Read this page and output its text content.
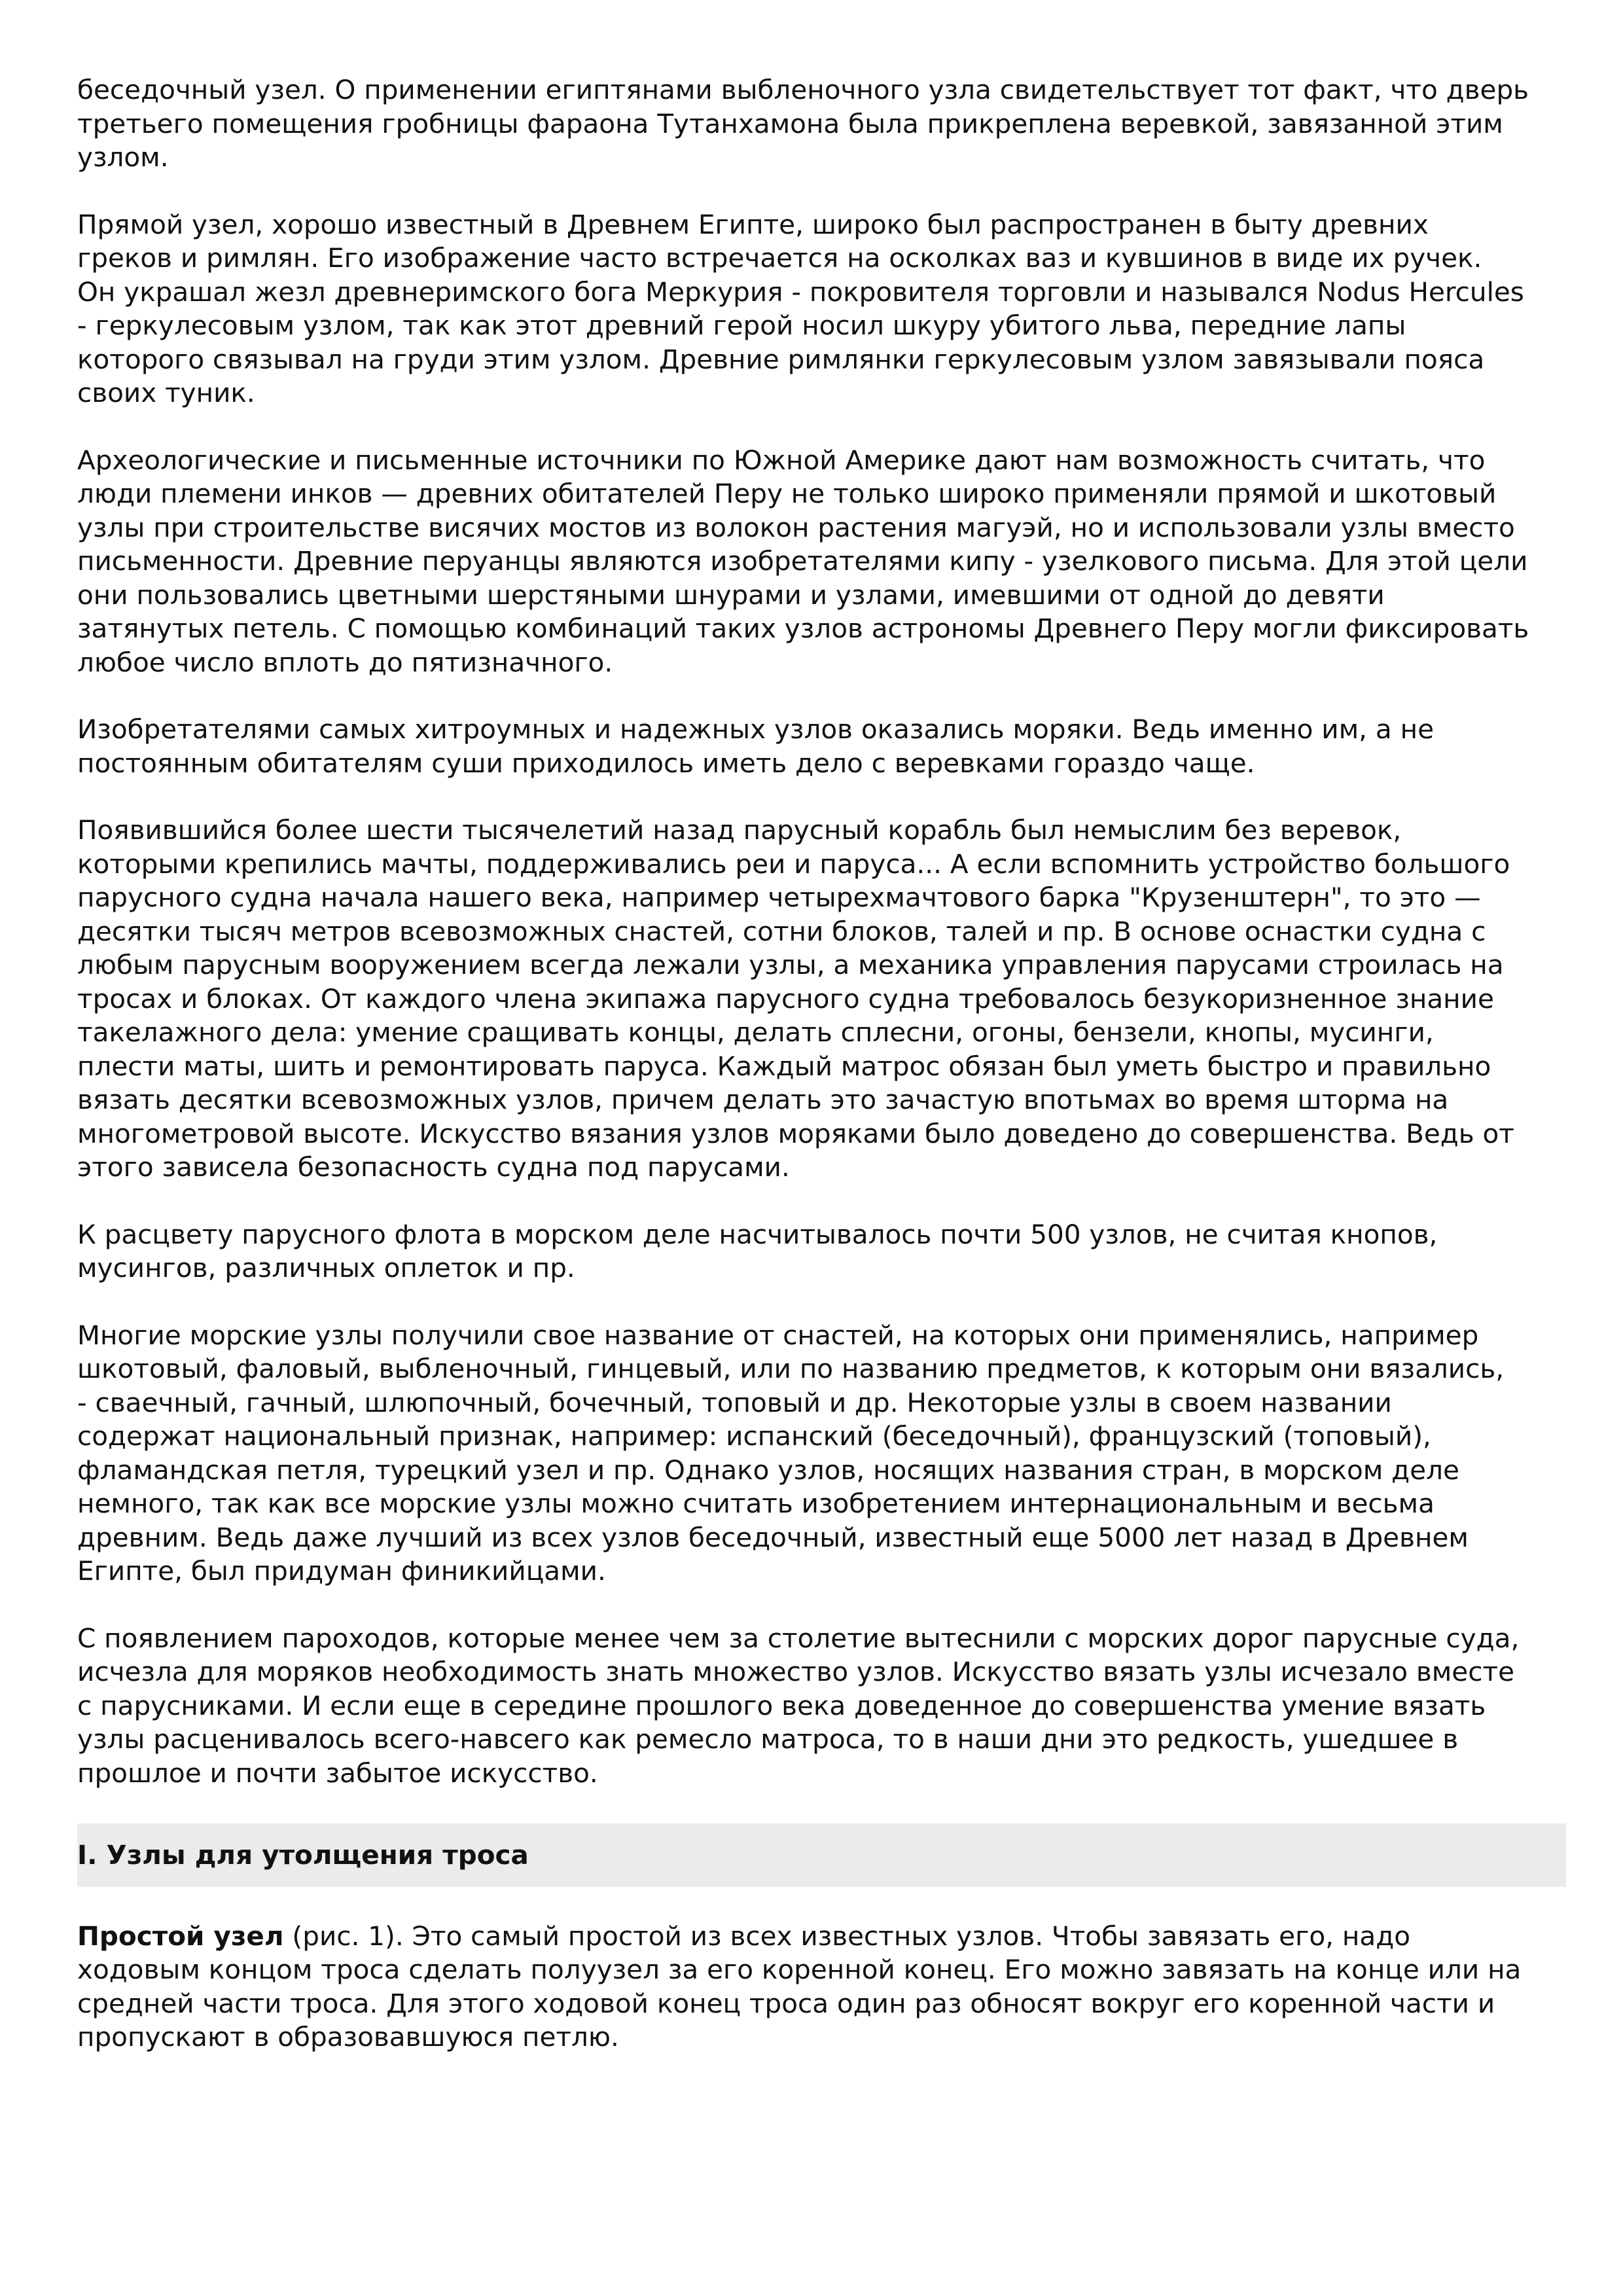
беседочный узел. О применении египтянами выбленочного узла свидетельствует тот факт, что дверь
третьего помещения гробницы фараона Тутанхамона была прикреплена веревкой, завязанной этим
узлом.

Прямой узел, хорошо известный в Древнем Египте, широко был распространен в быту древних
греков и римлян. Его изображение часто встречается на осколках ваз и кувшинов в виде их ручек.
Он украшал жезл древнеримского бога Меркурия - покровителя торговли и назывался Nodus Hercules
- геркулесовым узлом, так как этот древний герой носил шкуру убитого льва, передние лапы
которого связывал на груди этим узлом. Древние римлянки геркулесовым узлом завязывали пояса
своих туник.

Археологические и письменные источники по Южной Америке дают нам возможность считать, что
люди племени инков — древних обитателей Перу не только широко применяли прямой и шкотовый
узлы при строительстве висячих мостов из волокон растения магуэй, но и использовали узлы вместо
письменности. Древние перуанцы являются изобретателями кипу - узелкового письма. Для этой цели
они пользовались цветными шерстяными шнурами и узлами, имевшими от одной до девяти
затянутых петель. С помощью комбинаций таких узлов астрономы Древнего Перу могли фиксировать
любое число вплоть до пятизначного.

Изобретателями самых хитроумных и надежных узлов оказались моряки. Ведь именно им, а не
постоянным обитателям суши приходилось иметь дело с веревками гораздо чаще.

Появившийся более шести тысячелетий назад парусный корабль был немыслим без веревок,
которыми крепились мачты, поддерживались реи и паруса... А если вспомнить устройство большого
парусного судна начала нашего века, например четырехмачтового барка "Крузенштерн", то это —
десятки тысяч метров всевозможных снастей, сотни блоков, талей и пр. В основе оснастки судна с
любым парусным вооружением всегда лежали узлы, а механика управления парусами строилась на
тросах и блоках. От каждого члена экипажа парусного судна требовалось безукоризненное знание
такелажного дела: умение сращивать концы, делать сплесни, огоны, бензели, кнопы, мусинги,
плести маты, шить и ремонтировать паруса. Каждый матрос обязан был уметь быстро и правильно
вязать десятки всевозможных узлов, причем делать это зачастую впотьмах во время шторма на
многометровой высоте. Искусство вязания узлов моряками было доведено до совершенства. Ведь от
этого зависела безопасность судна под парусами.

К расцвету парусного флота в морском деле насчитывалось почти 500 узлов, не считая кнопов,
мусингов, различных оплеток и пр.

Многие морские узлы получили свое название от снастей, на которых они применялись, например
шкотовый, фаловый, выбленочный, гинцевый, или по названию предметов, к которым они вязались,
- свaечный, гачный, шлюпочный, бочечный, топовый и др. Некоторые узлы в своем названии
содержат национальный признак, например: испанский (беседочный), французский (топовый),
фламандская петля, турецкий узел и пр. Однако узлов, носящих названия стран, в морском деле
немного, так как все морские узлы можно считать изобретением интернациональным и весьма
древним. Ведь даже лучший из всех узлов беседочный, известный еще 5000 лет назад в Древнем
Египте, был придуман финикийцами.

С появлением пароходов, которые менее чем за столетие вытеснили с морских дорог парусные суда,
исчезла для моряков необходимость знать множество узлов. Искусство вязать узлы исчезало вместе
с парусниками. И если еще в середине прошлого века доведенное до совершенства умение вязать
узлы расценивалось всего-навсего как ремесло матроса, то в наши дни это редкость, ушедшее в
прошлое и почти забытое искусство.

I. Узлы для утолщения троса

Простой узел (рис. 1). Это самый простой из всех известных узлов. Чтобы завязать его, надо
ходовым концом троса сделать полуузел за его коренной конец. Его можно завязать на конце или на
средней части троса. Для этого ходовой конец троса один раз обносят вокруг его коренной части и
пропускают в образовавшуюся петлю.
